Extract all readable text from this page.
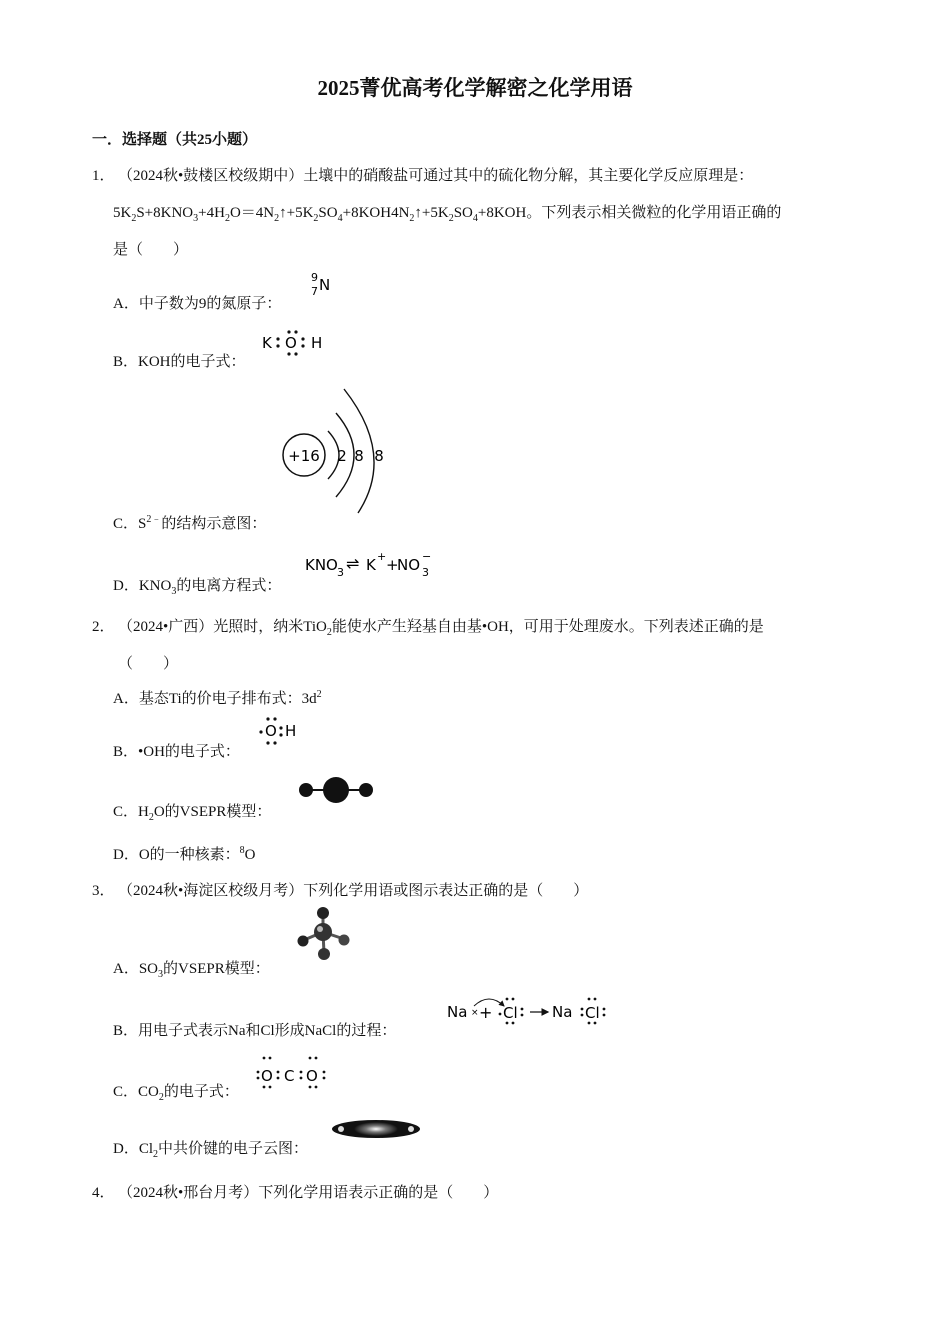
2025菁优高考化学解密之化学用语
一．选择题（共25小题）
1． （2024秋•鼓楼区校级期中）土壤中的硝酸盐可通过其中的硫化物分解，其主要化学反应原理是：
$5K_2S+8KNO_3+4H_2O=4N_2↑+5K_2SO_4+8KOH4N_2↑+5K_2SO_4+8KOH$。下列表示相关微粒的化学用语正确的
是（　　）
A．中子数为9的氮原子：
9
7 N
B．KOH的电子式：
K O H
C．$S^{2﹣}$的结构示意图：
+16 2 8 8
D．$KNO_3$的电离方程式：
KNO 3 ⇌ K + +
NO 3
−
2． （2024•广西）光照时，纳米TiO$_2$能使水产生羟基自由基•OH，可用于处理废水。下列表述正确的是
（　　）
A．基态Ti的价电子排布式：$3d^2$
B．•OH的电子式：
O H
C．$H_2O$的VSEPR模型：
D．O的一种核素：$^8$O
3． （2024秋•海淀区校级月考）下列化学用语或图示表达正确的是（　　）
A．$SO_3$的VSEPR模型：
B．用电子式表示Na和Cl形成NaCl的过程：
Na × + Cl Na Cl
C．$CO_2$的电子式：
O C O
D．$Cl_2$中共价键的电子云图：
4． （2024秋•邢台月考）下列化学用语表示正确的是（　　）
